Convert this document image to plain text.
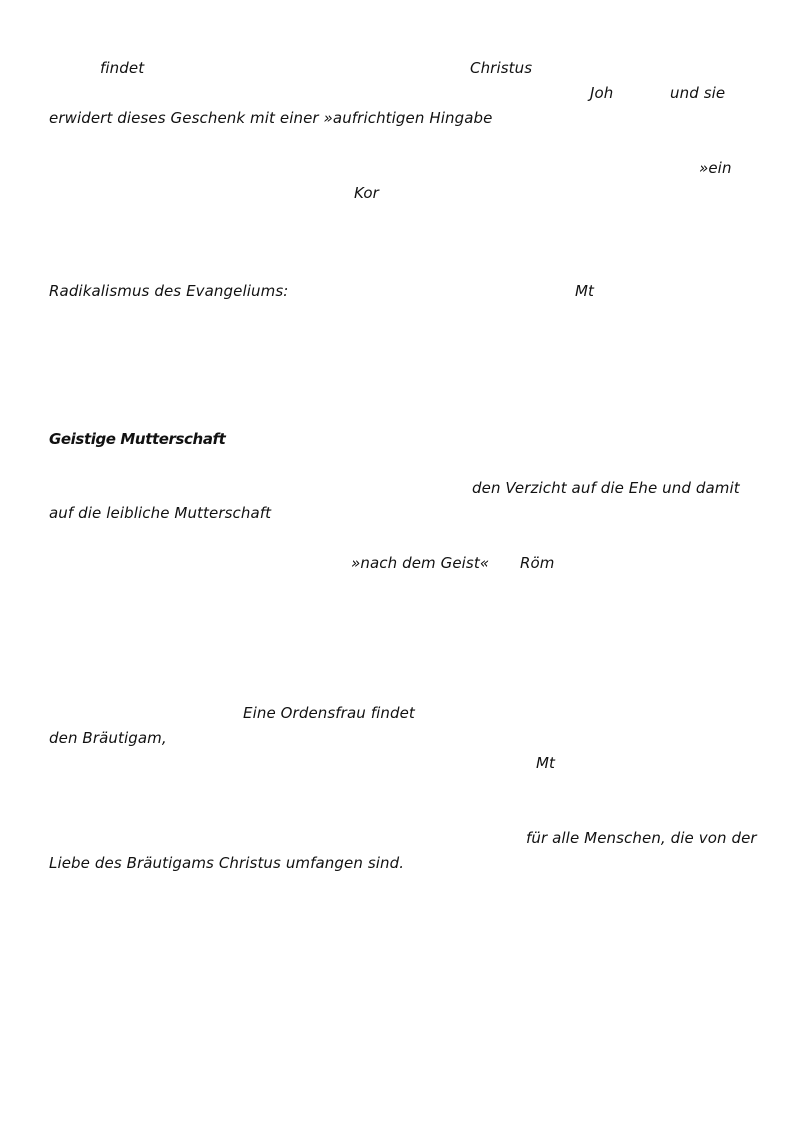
findet	Christus
Joh	und sie
erwidert dieses Geschenk mit einer »aufrichtigen Hingabe
»ein
Kor
Radikalismus des Evangeliums:	Mt
Geistige Mutterschaft
den Verzicht auf die Ehe und damit
auf die leibliche Mutterschaft
»nach dem Geist« Röm
Eine Ordensfrau findet
den Bräutigam,
Mt
für alle Menschen, die von der
Liebe des Bräutigams Christus umfangen sind.
